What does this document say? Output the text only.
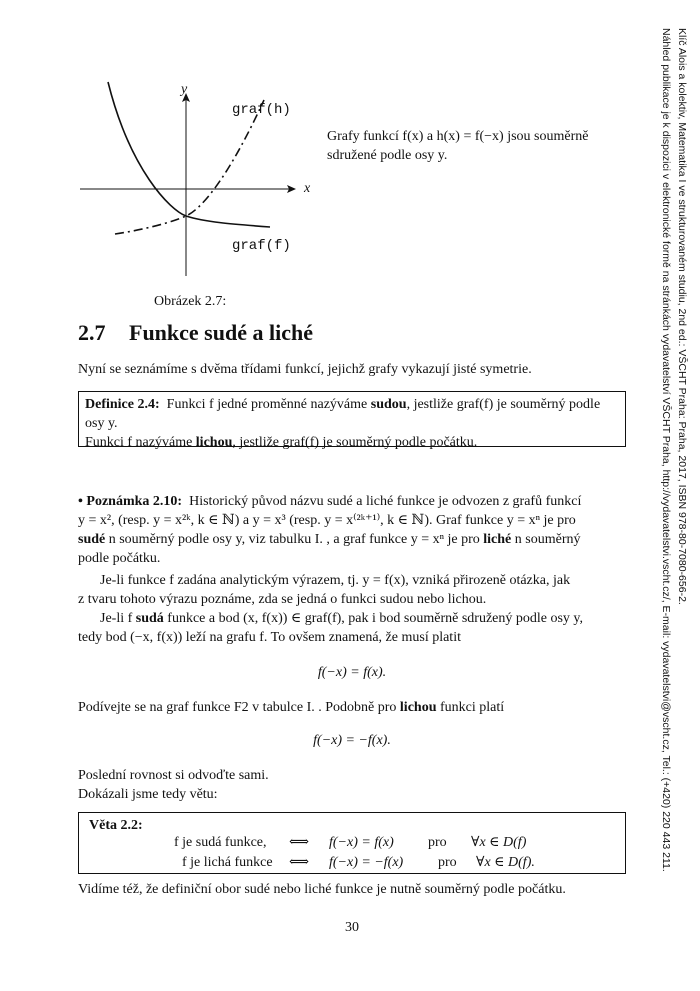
y
x
graf(h)
graf(f)
Obrázek 2.7:
Grafy funkcí f(x) a h(x) = f(−x) jsou souměrně sdružené podle osy y.
2.7 Funkce sudé a liché
Nyní se seznámíme s dvěma třídami funkcí, jejichž grafy vykazují jisté symetrie.
Definice 2.4: Funkci f jedné proměnné nazýváme sudou, jestliže graf(f) je souměrný podle osy y.
Funkci f nazýváme lichou, jestliže graf(f) je souměrný podle počátku.
• Poznámka 2.10: Historický původ názvu sudé a liché funkce je odvozen z grafů funkcí
y = x², (resp. y = x²ᵏ, k ∈ ℕ) a y = x³ (resp. y = x⁽²ᵏ⁺¹⁾, k ∈ ℕ). Graf funkce y = xⁿ je pro
sudé n souměrný podle osy y, viz tabulku I. , a graf funkce y = xⁿ je pro liché n souměrný
podle počátku.
Je-li funkce f zadána analytickým výrazem, tj. y = f(x), vzniká přirozeně otázka, jak
z tvaru tohoto výrazu poznáme, zda se jedná o funkci sudou nebo lichou.
Je-li f sudá funkce a bod (x, f(x)) ∈ graf(f), pak i bod souměrně sdružený podle osy y,
tedy bod (−x, f(x)) leží na grafu f. To ovšem znamená, že musí platit
f(−x) = f(x).
Podívejte se na graf funkce F2 v tabulce I. . Podobně pro lichou funkci platí
f(−x) = −f(x).
Poslední rovnost si odvoďte sami.
Dokázali jsme tedy větu:
Věta 2.2:
f je sudá funkce, ⟺ f(−x) = f(x) pro ∀x ∈ D(f)
f je lichá funkce ⟺ f(−x) = −f(x) pro ∀x ∈ D(f).
Vidíme též, že definiční obor sudé nebo liché funkce je nutně souměrný podle počátku.
30
Klíč Alois a kolektiv, Matematika I ve strukturovaném studiu, 2nd ed.: VŠCHT Praha: Praha, 2017, ISBN 978-80-7080-656-2.
Náhled publikace je k dispozici v elektronické formě na stránkách vydavatelství VŠCHT Praha, http://vydavatelstvi.vscht.cz/, E-mail: vydavatelstvi@vscht.cz, Tel.: (+420) 220 443 211.
